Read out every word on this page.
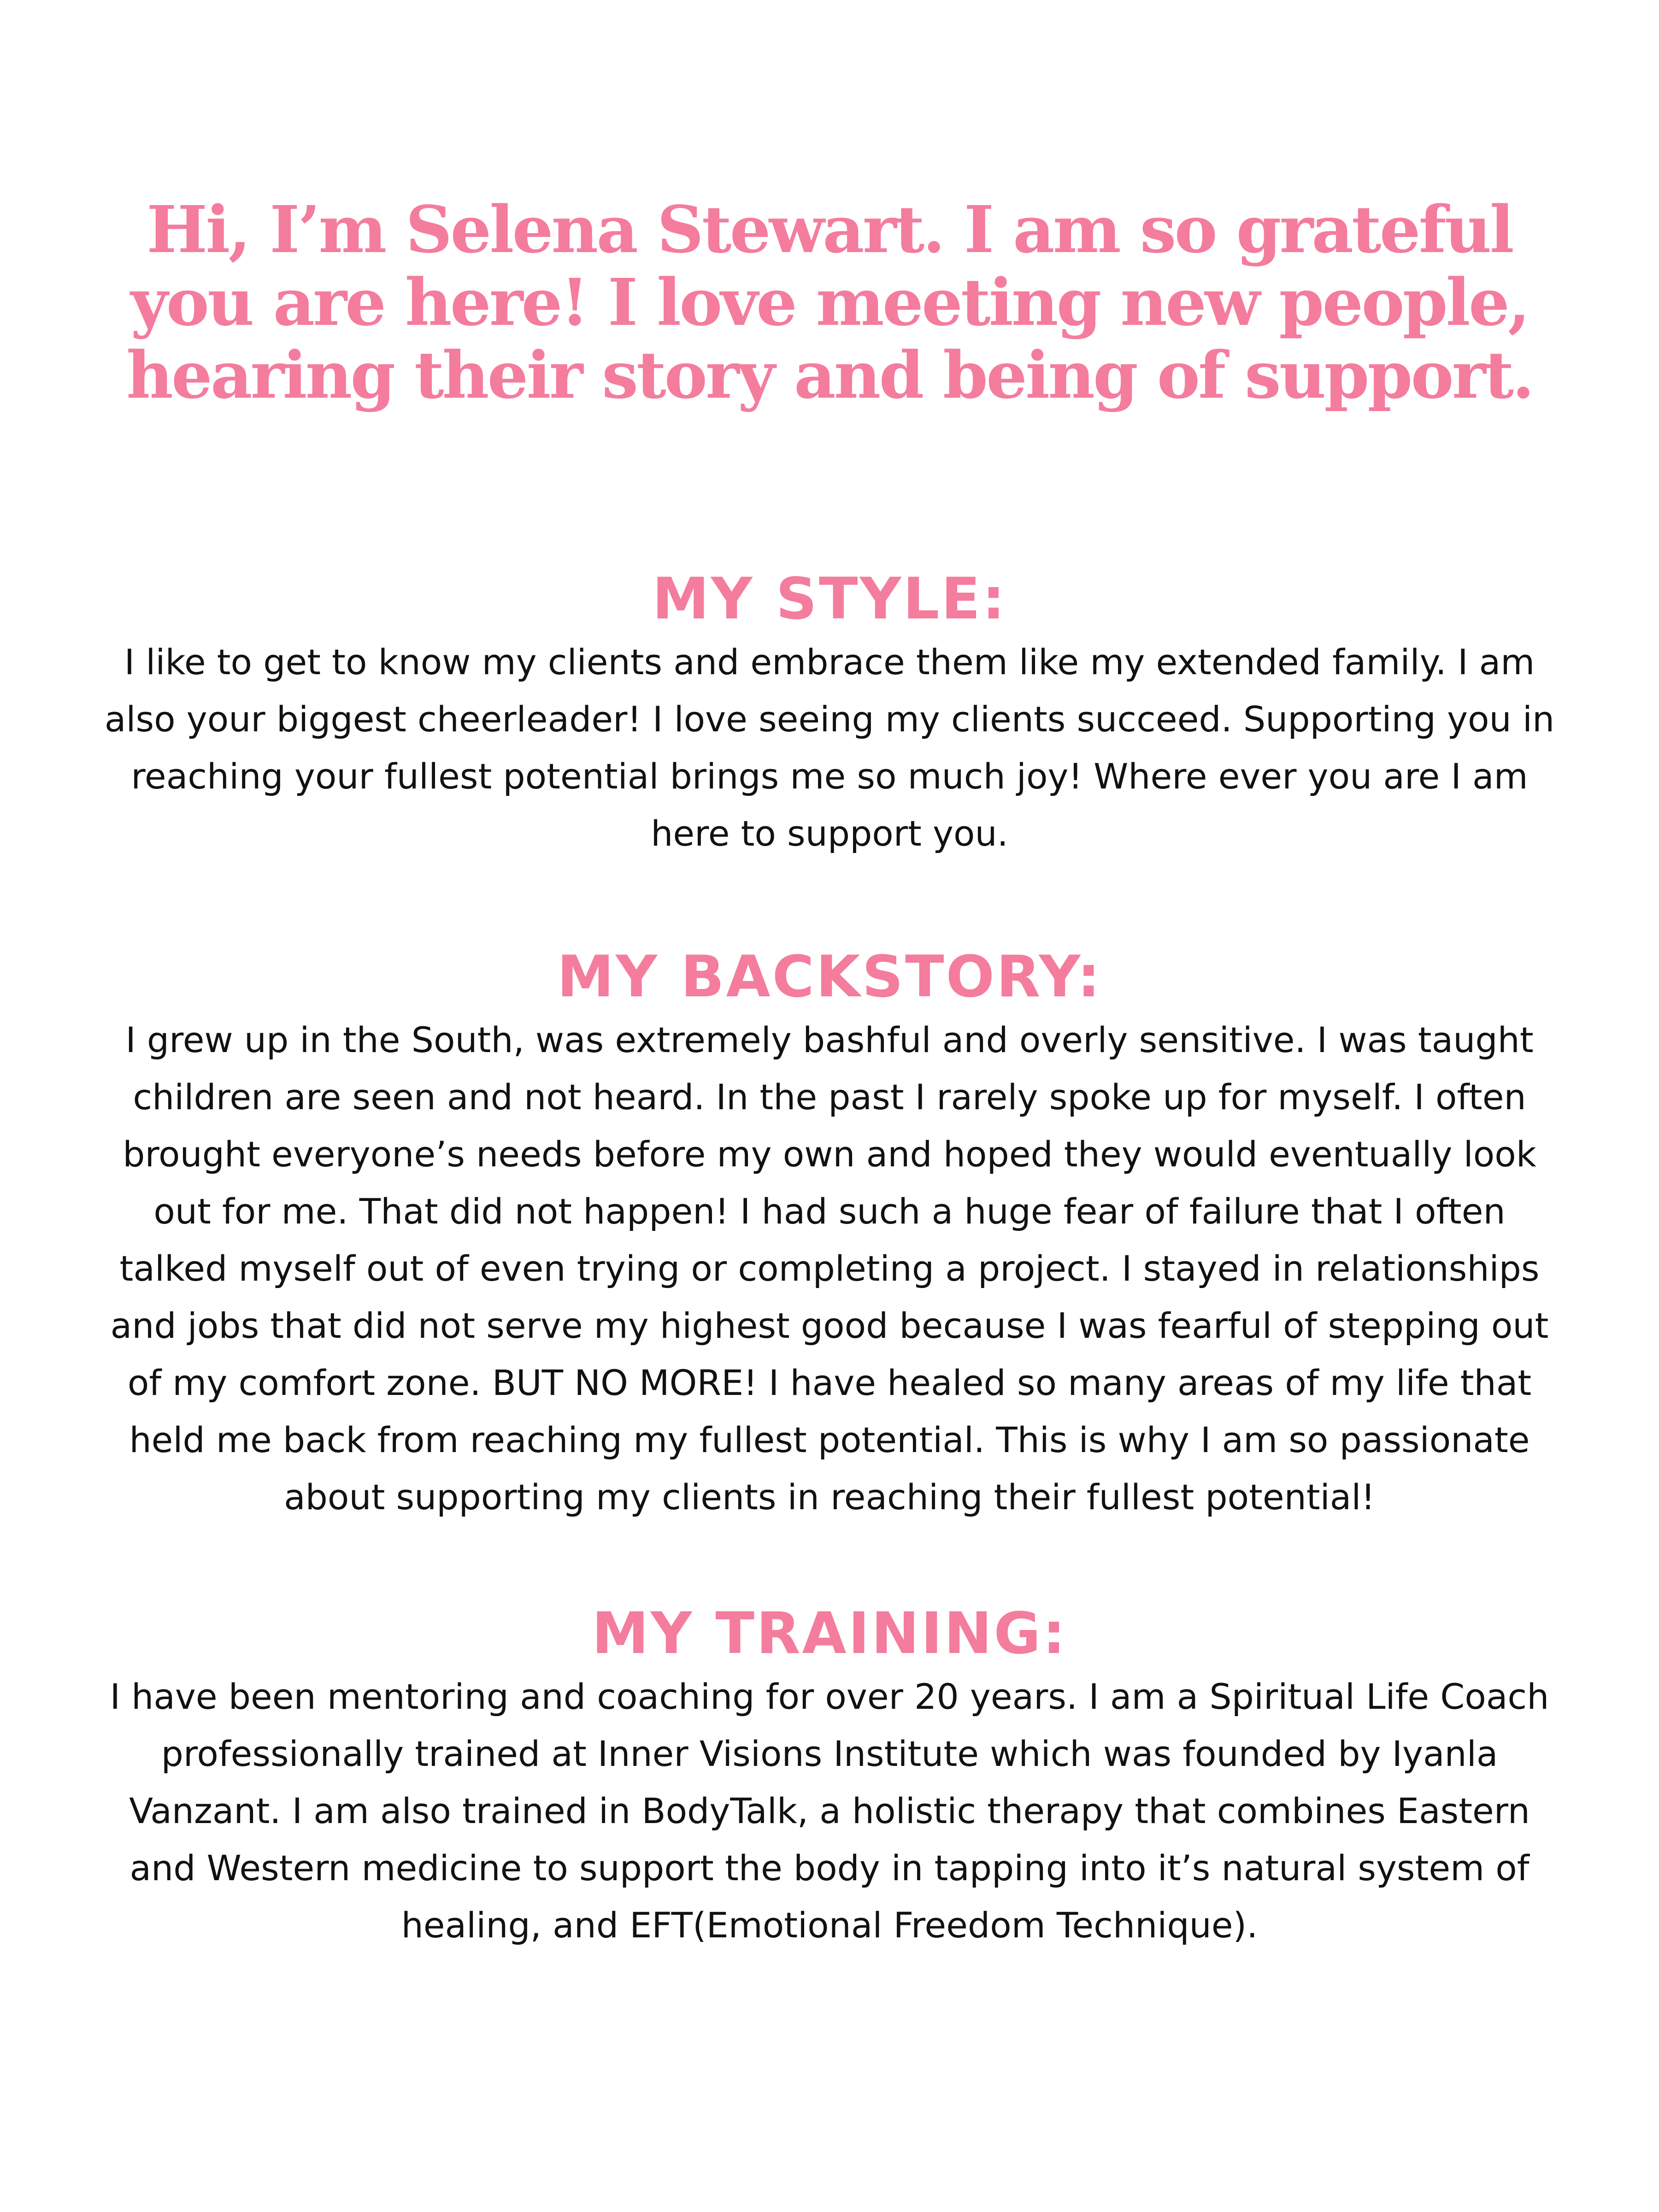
Hi, I’m Selena Stewart. I am so grateful
you are here! I love meeting new people,
hearing their story and being of support.
MY STYLE:

I like to get to know my clients and embrace them like my extended family. I am
also your biggest cheerleader! I love seeing my clients succeed. Supporting you in
reaching your fullest potential brings me so much joy! Where ever you are I am
here to support you.

MY BACKSTORY:

I grew up in the South, was extremely bashful and overly sensitive. I was taught
children are seen and not heard. In the past I rarely spoke up for myself. I often
brought everyone’s needs before my own and hoped they would eventually look
out for me. That did not happen! I had such a huge fear of failure that I often
talked myself out of even trying or completing a project. I stayed in relationships
and jobs that did not serve my highest good because I was fearful of stepping out
of my comfort zone. BUT NO MORE! I have healed so many areas of my life that
held me back from reaching my fullest potential. This is why I am so passionate
about supporting my clients in reaching their fullest potential!

MY TRAINING:

I have been mentoring and coaching for over 20 years. I am a Spiritual Life Coach
professionally trained at Inner Visions Institute which was founded by Iyanla
Vanzant. I am also trained in BodyTalk, a holistic therapy that combines Eastern
and Western medicine to support the body in tapping into it’s natural system of
healing, and EFT(Emotional Freedom Technique).
